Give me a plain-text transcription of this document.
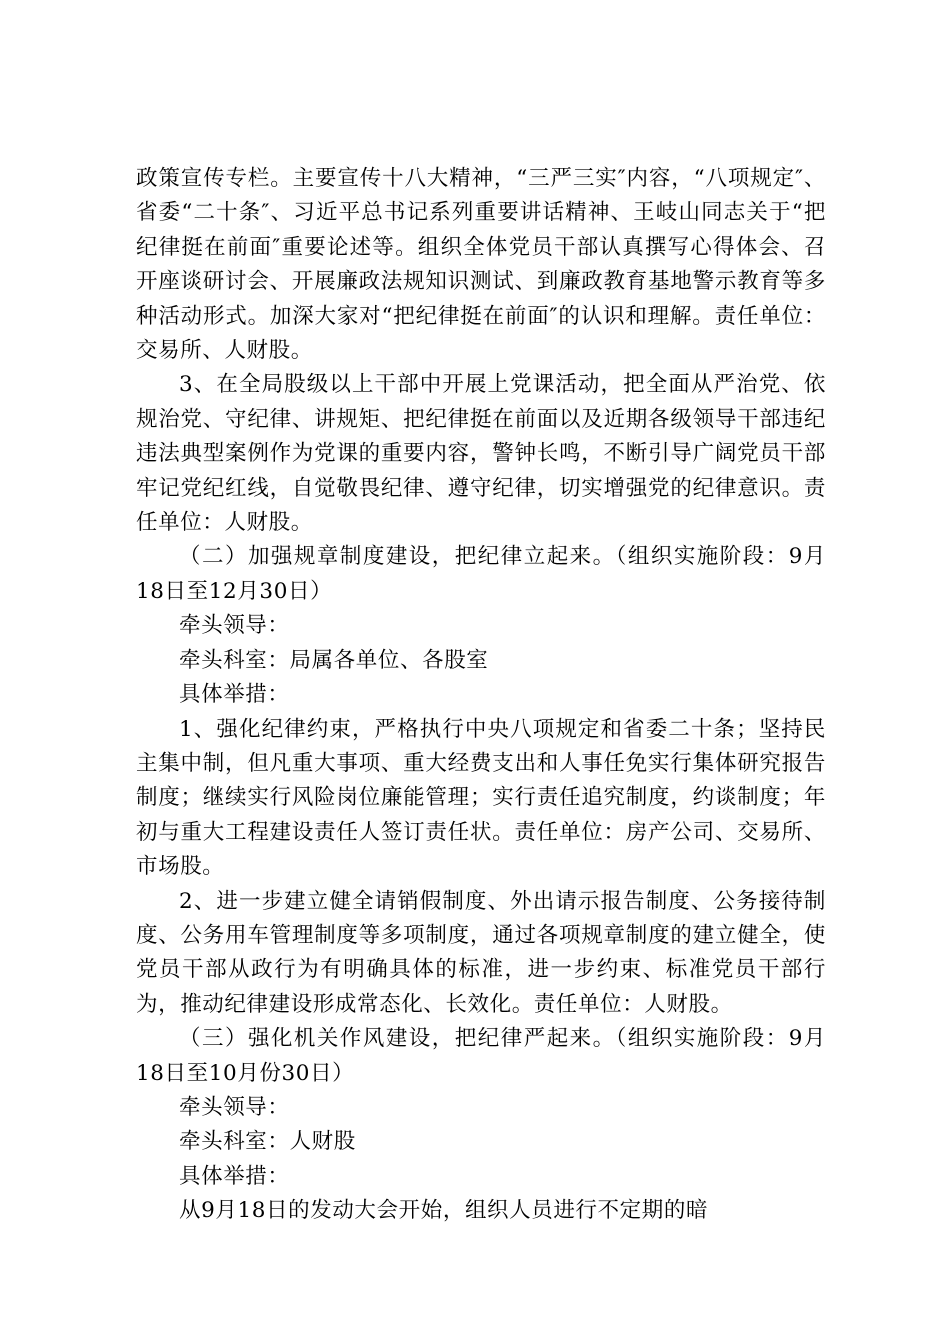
政策宣传专栏。主要宣传十八大精神，“三严三实″内容，“八项规定″、省委“二十条″、习近平总书记系列重要讲话精神、王岐山同志关于“把纪律挺在前面″重要论述等。组织全体党员干部认真撰写心得体会、召开座谈研讨会、开展廉政法规知识测试、到廉政教育基地警示教育等多种活动形式。加深大家对“把纪律挺在前面″的认识和理解。责任单位：交易所、人财股。

3、在全局股级以上干部中开展上党课活动，把全面从严治党、依规治党、守纪律、讲规矩、把纪律挺在前面以及近期各级领导干部违纪违法典型案例作为党课的重要内容，警钟长鸣，不断引导广阔党员干部牢记党纪红线，自觉敬畏纪律、遵守纪律，切实增强党的纪律意识。责任单位：人财股。

（二）加强规章制度建设，把纪律立起来。（组织实施阶段：9月18日至12月30日）

牵头领导：

牵头科室：局属各单位、各股室

具体举措：

1、强化纪律约束，严格执行中央八项规定和省委二十条；坚持民主集中制，但凡重大事项、重大经费支出和人事任免实行集体研究报告制度；继续实行风险岗位廉能管理；实行责任追究制度，约谈制度；年初与重大工程建设责任人签订责任状。责任单位：房产公司、交易所、市场股。

2、进一步建立健全请销假制度、外出请示报告制度、公务接待制度、公务用车管理制度等多项制度，通过各项规章制度的建立健全，使党员干部从政行为有明确具体的标准，进一步约束、标准党员干部行为，推动纪律建设形成常态化、长效化。责任单位：人财股。

（三）强化机关作风建设，把纪律严起来。（组织实施阶段：9月18日至10月份30日）

牵头领导：

牵头科室：人财股

具体举措：

从9月18日的发动大会开始，组织人员进行不定期的暗
